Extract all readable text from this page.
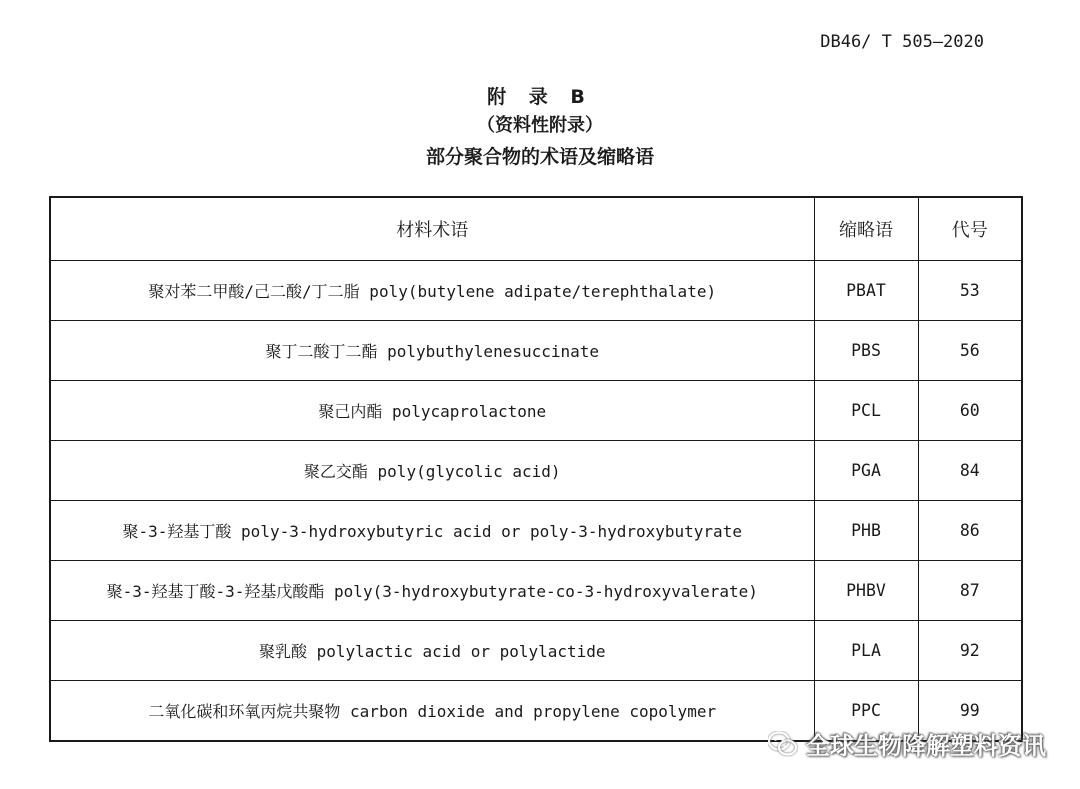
DB46/ T 505—2020
附 录 B
（资料性附录）
部分聚合物的术语及缩略语
材料术语	缩略语	代号
聚对苯二甲酸/己二酸/丁二脂 poly(butylene adipate/terephthalate)	PBAT	53
聚丁二酸丁二酯 polybuthylenesuccinate	PBS	56
聚己内酯 polycaprolactone	PCL	60
聚乙交酯 poly(glycolic acid)	PGA	84
聚-3-羟基丁酸 poly-3-hydroxybutyric acid or poly-3-hydroxybutyrate	PHB	86
聚-3-羟基丁酸-3-羟基戊酸酯 poly(3-hydroxybutyrate-co-3-hydroxyvalerate)	PHBV	87
聚乳酸 polylactic acid or polylactide	PLA	92
二氧化碳和环氧丙烷共聚物 carbon dioxide and propylene copolymer	PPC	99
全球生物降解塑料资讯
